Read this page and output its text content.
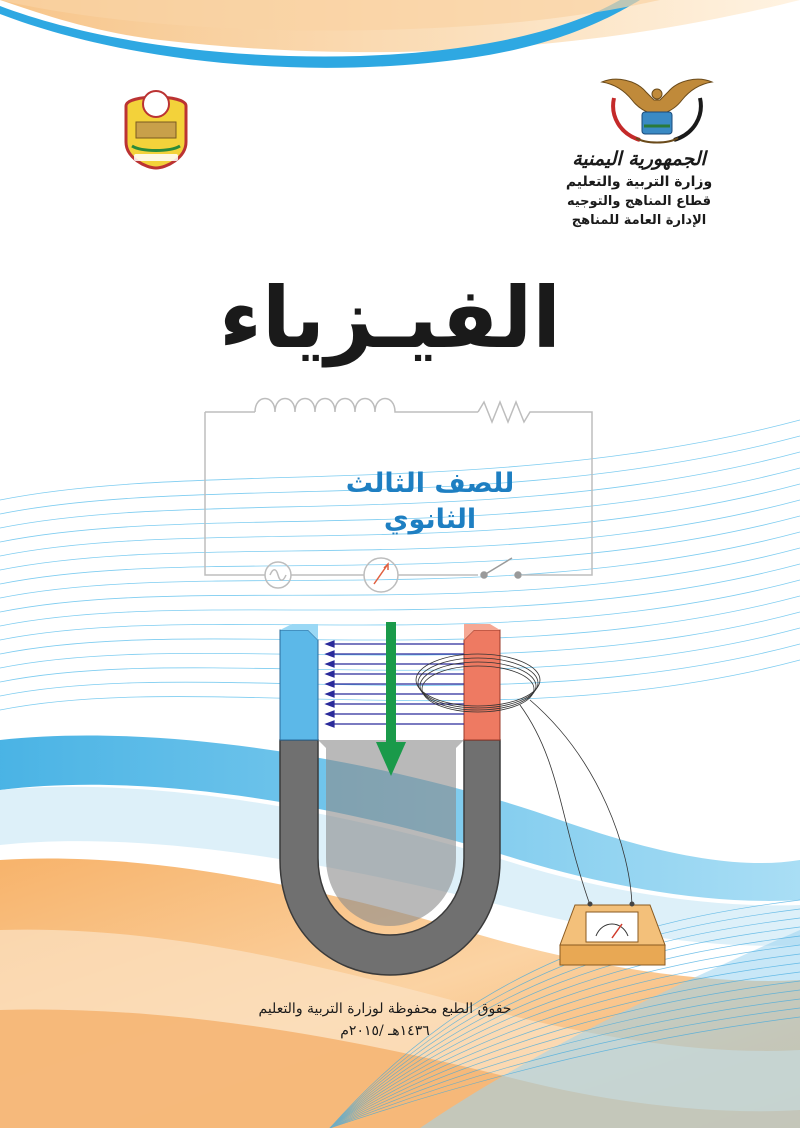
الجمهورية اليمنية
وزارة التربية والتعليم
قطاع المناهج والتوجيه
الإدارة العامة للمناهج
الفيـزياء
للصف الثالث الثانوي
حقوق الطبع محفوظة لوزارة التربية والتعليم
١٤٣٦هـ /٢٠١٥م
